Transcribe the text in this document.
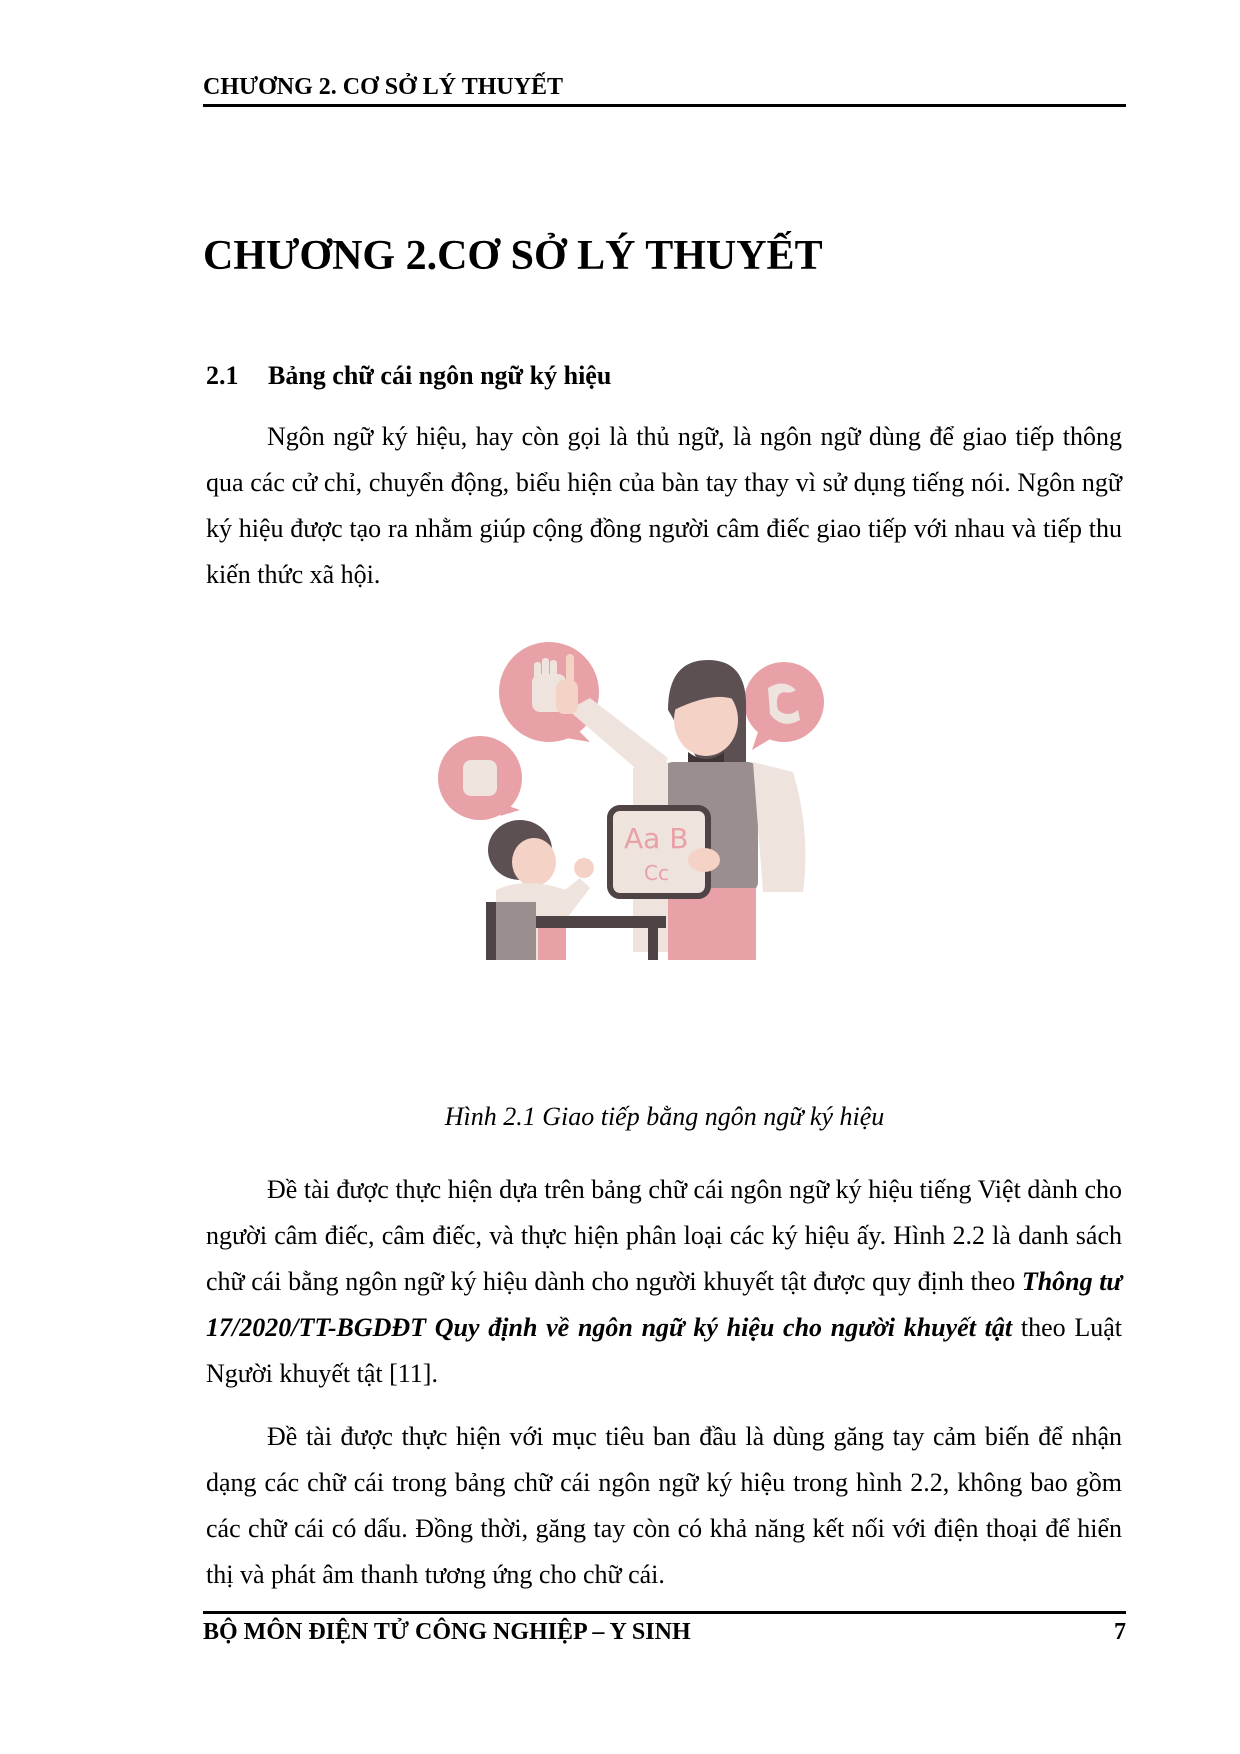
CHƯƠNG 2. CƠ SỞ LÝ THUYẾT
CHƯƠNG 2.CƠ SỞ LÝ THUYẾT
2.1 Bảng chữ cái ngôn ngữ ký hiệu

Ngôn ngữ ký hiệu, hay còn gọi là thủ ngữ, là ngôn ngữ dùng để giao tiếp thông qua các cử chỉ, chuyển động, biểu hiện của bàn tay thay vì sử dụng tiếng nói. Ngôn ngữ ký hiệu được tạo ra nhằm giúp cộng đồng người câm điếc giao tiếp với nhau và tiếp thu kiến thức xã hội.

Aa B
Cc
Hình 2.1 Giao tiếp bằng ngôn ngữ ký hiệu

Đề tài được thực hiện dựa trên bảng chữ cái ngôn ngữ ký hiệu tiếng Việt dành cho người câm điếc, câm điếc, và thực hiện phân loại các ký hiệu ấy. Hình 2.2 là danh sách chữ cái bằng ngôn ngữ ký hiệu dành cho người khuyết tật được quy định theo Thông tư 17/2020/TT-BGDĐT Quy định về ngôn ngữ ký hiệu cho người khuyết tật theo Luật Người khuyết tật [11].

Đề tài được thực hiện với mục tiêu ban đầu là dùng găng tay cảm biến để nhận dạng các chữ cái trong bảng chữ cái ngôn ngữ ký hiệu trong hình 2.2, không bao gồm các chữ cái có dấu. Đồng thời, găng tay còn có khả năng kết nối với điện thoại để hiển thị và phát âm thanh tương ứng cho chữ cái.

BỘ MÔN ĐIỆN TỬ CÔNG NGHIỆP – Y SINH	7
